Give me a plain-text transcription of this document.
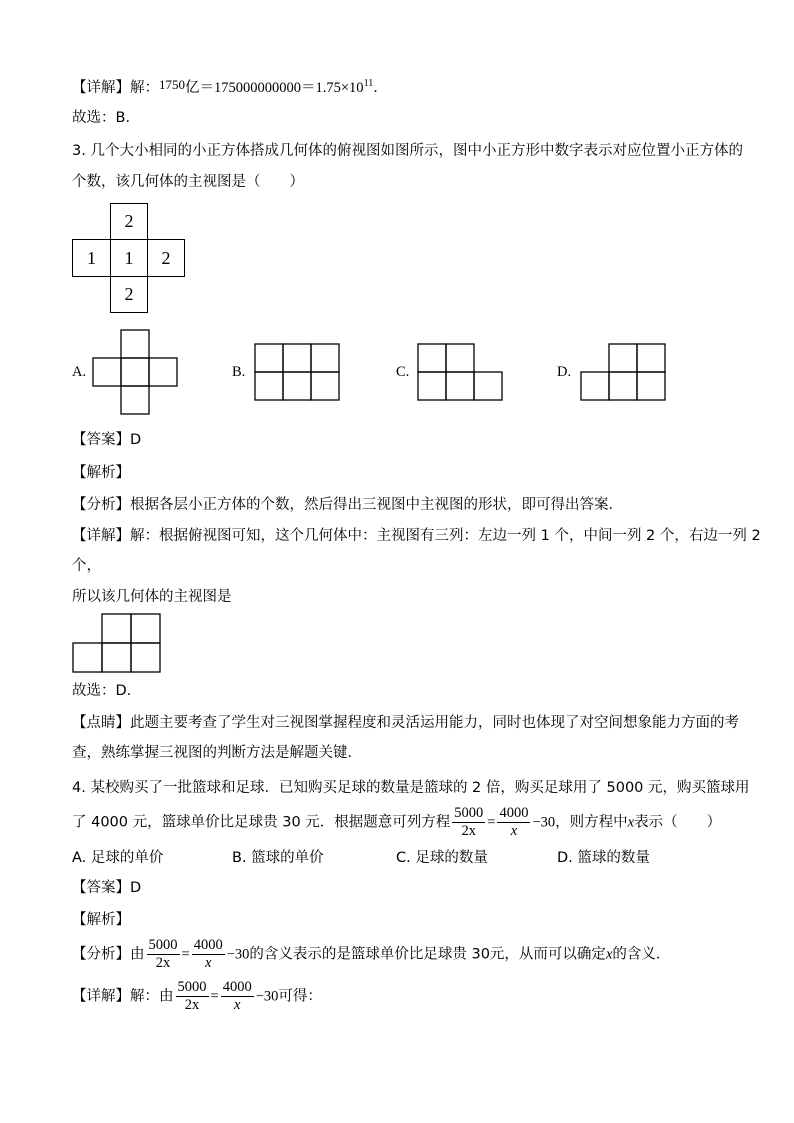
【详解】解：1750亿$=175000000000=1.75\times 10^{11}$．
故选：B．
3. 几个大小相同的小正方体搭成几何体的俯视图如图所示，图中小正方形中数字表示对应位置小正方体的
个数，该几何体的主视图是（　　）
2
1	1	2
2
A.	B.	C.	D.
【答案】D
【解析】
【分析】根据各层小正方体的个数，然后得出三视图中主视图的形状，即可得出答案．
【详解】解：根据俯视图可知，这个几何体中：主视图有三列：左边一列 1 个，中间一列 2 个，右边一列 2
个，
所以该几何体的主视图是
故选：D．
【点睛】此题主要考查了学生对三视图掌握程度和灵活运用能力，同时也体现了对空间想象能力方面的考
查，熟练掌握三视图的判断方法是解题关键．
4. 某校购买了一批篮球和足球．已知购买足球的数量是篮球的 2 倍，购买足球用了 5000 元，购买篮球用
了 4000 元，篮球单价比足球贵 30 元．根据题意可列方程 $\frac{5000}{2x} = \frac{4000}{x} -30$，则方程中x表示（　　）
A. 足球的单价	B. 篮球的单价	C. 足球的数量	D. 篮球的数量
【答案】D
【解析】
【分析】由 $\frac{5000}{2x} = \frac{4000}{x} -30$的含义表示的是篮球单价比足球贵 30元，从而可以确定x的含义．
【详解】解：由 $\frac{5000}{2x} = \frac{4000}{x} -30$可得：
